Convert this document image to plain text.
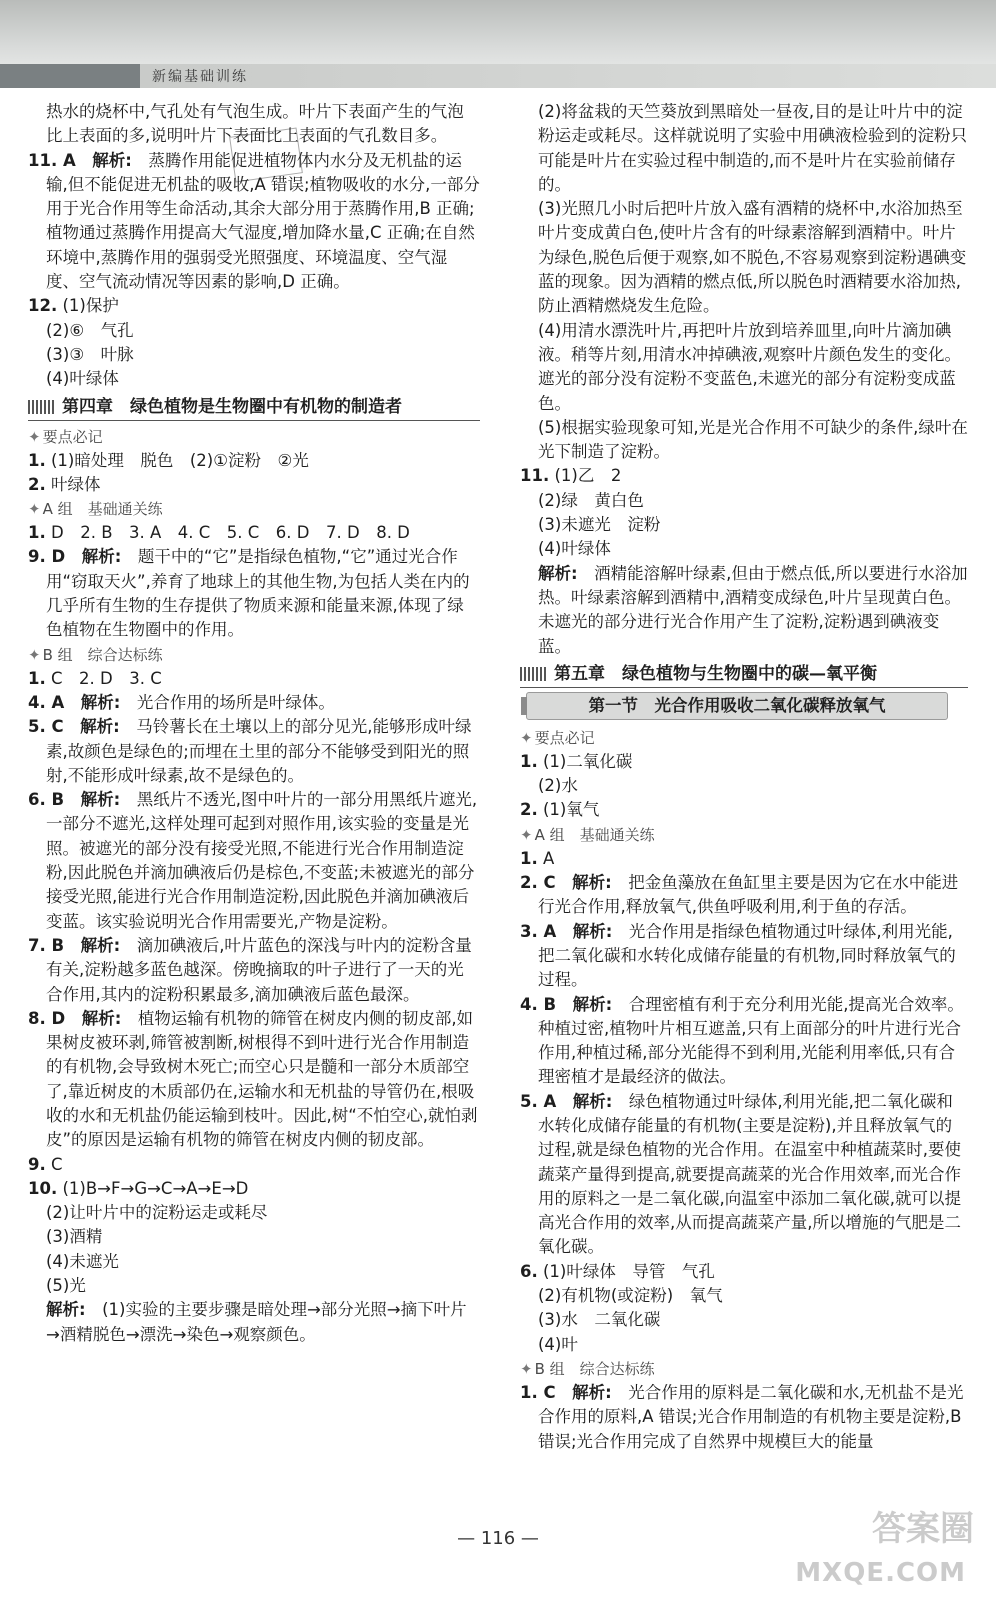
新编基础训练
热水的烧杯中,气孔处有气泡生成。叶片下表面产生的气泡比上表面的多,说明叶片下表面比上表面的气孔数目多。
11. A　 解析:　 蒸腾作用能促进植物体内水分及无机盐的运输,但不能促进无机盐的吸收,A 错误;植物吸收的水分,一部分用于光合作用等生命活动,其余大部分用于蒸腾作用,B 正确;植物通过蒸腾作用提高大气湿度,增加降水量,C 正确;在自然环境中,蒸腾作用的强弱受光照强度、环境温度、空气湿度、空气流动情况等因素的影响,D 正确。
12. (1)保护
(2)⑥　气孔
(3)③　叶脉
(4)叶绿体
第四章　绿色植物是生物圈中有机物的制造者
✦ 要点必记
1. (1)暗处理　脱色　(2)①淀粉　②光
2. 叶绿体
✦ A 组　基础通关练
1. D　2. B　3. A　4. C　5. C　6. D　7. D　8. D
9. D　 解析:　 题干中的“它”是指绿色植物,“它”通过光合作用“窃取天火”,养育了地球上的其他生物,为包括人类在内的几乎所有生物的生存提供了物质来源和能量来源,体现了绿色植物在生物圈中的作用。
✦ B 组　综合达标练
1. C　2. D　3. C
4. A　 解析:　 光合作用的场所是叶绿体。
5. C　 解析:　 马铃薯长在土壤以上的部分见光,能够形成叶绿素,故颜色是绿色的;而埋在土里的部分不能够受到阳光的照射,不能形成叶绿素,故不是绿色的。
6. B　 解析:　 黑纸片不透光,图中叶片的一部分用黑纸片遮光,一部分不遮光,这样处理可起到对照作用,该实验的变量是光照。被遮光的部分没有接受光照,不能进行光合作用制造淀粉,因此脱色并滴加碘液后仍是棕色,不变蓝;未被遮光的部分接受光照,能进行光合作用制造淀粉,因此脱色并滴加碘液后变蓝。该实验说明光合作用需要光,产物是淀粉。
7. B　 解析:　 滴加碘液后,叶片蓝色的深浅与叶内的淀粉含量有关,淀粉越多蓝色越深。傍晚摘取的叶子进行了一天的光合作用,其内的淀粉积累最多,滴加碘液后蓝色最深。
8. D　 解析:　 植物运输有机物的筛管在树皮内侧的韧皮部,如果树皮被环剥,筛管被割断,树根得不到叶进行光合作用制造的有机物,会导致树木死亡;而空心只是髓和一部分木质部空了,靠近树皮的木质部仍在,运输水和无机盐的导管仍在,根吸收的水和无机盐仍能运输到枝叶。因此,树“不怕空心,就怕剥皮”的原因是运输有机物的筛管在树皮内侧的韧皮部。
9. C
10. (1)B→F→G→C→A→E→D
(2)让叶片中的淀粉运走或耗尽
(3)酒精
(4)未遮光
(5)光
解析:　 (1)实验的主要步骤是暗处理→部分光照→摘下叶片→酒精脱色→漂洗→染色→观察颜色。
(2)将盆栽的天竺葵放到黑暗处一昼夜,目的是让叶片中的淀粉运走或耗尽。这样就说明了实验中用碘液检验到的淀粉只可能是叶片在实验过程中制造的,而不是叶片在实验前储存的。
(3)光照几小时后把叶片放入盛有酒精的烧杯中,水浴加热至叶片变成黄白色,使叶片含有的叶绿素溶解到酒精中。叶片为绿色,脱色后便于观察,如不脱色,不容易观察到淀粉遇碘变蓝的现象。因为酒精的燃点低,所以脱色时酒精要水浴加热,防止酒精燃烧发生危险。
(4)用清水漂洗叶片,再把叶片放到培养皿里,向叶片滴加碘液。稍等片刻,用清水冲掉碘液,观察叶片颜色发生的变化。遮光的部分没有淀粉不变蓝色,未遮光的部分有淀粉变成蓝色。
(5)根据实验现象可知,光是光合作用不可缺少的条件,绿叶在光下制造了淀粉。
11. (1)乙　2
(2)绿　黄白色
(3)未遮光　淀粉
(4)叶绿体
解析:　 酒精能溶解叶绿素,但由于燃点低,所以要进行水浴加热。叶绿素溶解到酒精中,酒精变成绿色,叶片呈现黄白色。未遮光的部分进行光合作用产生了淀粉,淀粉遇到碘液变蓝。
第五章　绿色植物与生物圈中的碳—氧平衡
第一节　光合作用吸收二氧化碳释放氧气
✦ 要点必记
1. (1)二氧化碳
(2)水
2. (1)氧气
✦ A 组　基础通关练
1. A
2. C　 解析:　 把金鱼藻放在鱼缸里主要是因为它在水中能进行光合作用,释放氧气,供鱼呼吸利用,利于鱼的存活。
3. A　 解析:　 光合作用是指绿色植物通过叶绿体,利用光能,把二氧化碳和水转化成储存能量的有机物,同时释放氧气的过程。
4. B　 解析:　 合理密植有利于充分利用光能,提高光合效率。种植过密,植物叶片相互遮盖,只有上面部分的叶片进行光合作用,种植过稀,部分光能得不到利用,光能利用率低,只有合理密植才是最经济的做法。
5. A　 解析:　 绿色植物通过叶绿体,利用光能,把二氧化碳和水转化成储存能量的有机物(主要是淀粉),并且释放氧气的过程,就是绿色植物的光合作用。在温室中种植蔬菜时,要使蔬菜产量得到提高,就要提高蔬菜的光合作用效率,而光合作用的原料之一是二氧化碳,向温室中添加二氧化碳,就可以提高光合作用的效率,从而提高蔬菜产量,所以增施的气肥是二氧化碳。
6. (1)叶绿体　导管　气孔
(2)有机物(或淀粉)　氧气
(3)水　二氧化碳
(4)叶
✦ B 组　综合达标练
1. C　 解析:　 光合作用的原料是二氧化碳和水,无机盐不是光合作用的原料,A 错误;光合作用制造的有机物主要是淀粉,B 错误;光合作用完成了自然界中规模巨大的能量
— 116 —	答案圈
MXQE.COM
